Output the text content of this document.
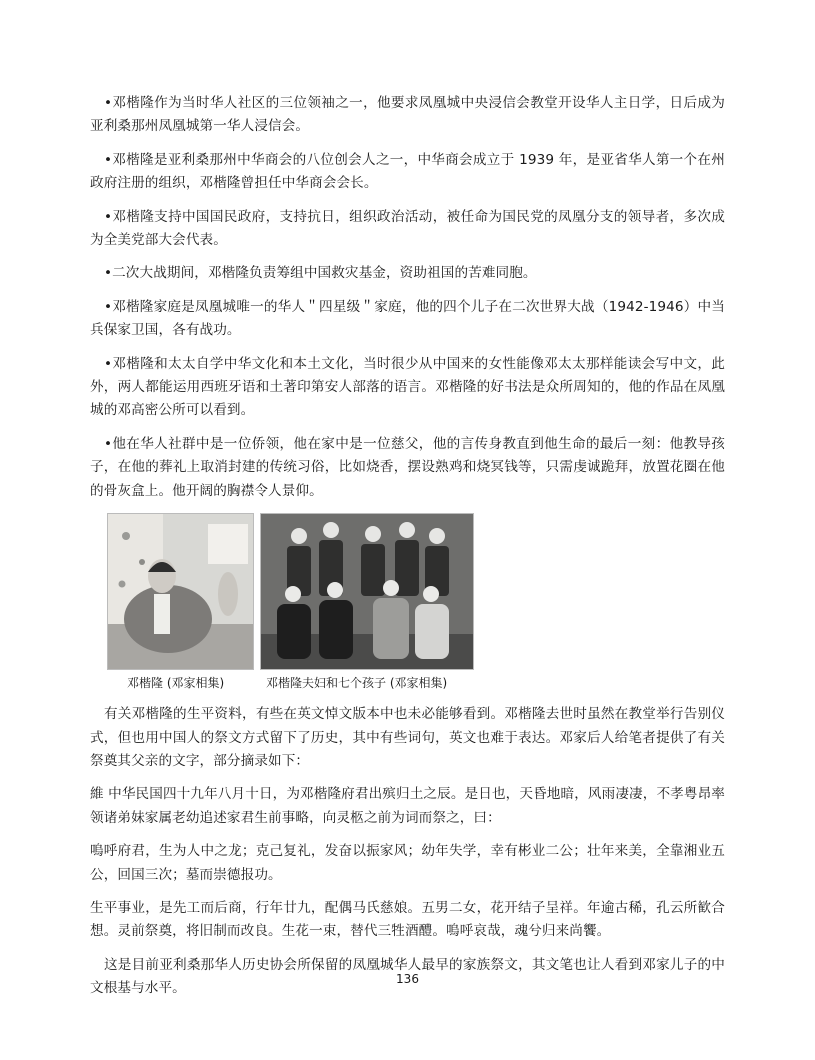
•邓楷隆作为当时华人社区的三位领袖之一，他要求凤凰城中央浸信会教堂开设华人主日学，日后成为亚利桑那州凤凰城第一华人浸信会。

•邓楷隆是亚利桑那州中华商会的八位创会人之一，中华商会成立于 1939 年，是亚省华人第一个在州政府注册的组织，邓楷隆曾担任中华商会会长。

•邓楷隆支持中国国民政府，支持抗日，组织政治活动，被任命为国民党的凤凰分支的领导者，多次成为全美党部大会代表。

•二次大战期间，邓楷隆负责筹组中国救灾基金，资助祖国的苦难同胞。

•邓楷隆家庭是凤凰城唯一的华人＂四星级＂家庭，他的四个儿子在二次世界大战（1942-1946）中当兵保家卫国，各有战功。

•邓楷隆和太太自学中华文化和本土文化，当时很少从中国来的女性能像邓太太那样能读会写中文，此外，两人都能运用西班牙语和土著印第安人部落的语言。邓楷隆的好书法是众所周知的，他的作品在凤凰城的邓高密公所可以看到。

•他在华人社群中是一位侨领，他在家中是一位慈父，他的言传身教直到他生命的最后一刻：他教导孩子，在他的葬礼上取消封建的传统习俗，比如烧香，摆设熟鸡和烧冥钱等，只需虔诚跪拜，放置花圈在他的骨灰盒上。他开阔的胸襟令人景仰。

邓楷隆 (邓家相集)	邓楷隆夫妇和七个孩子 (邓家相集)

有关邓楷隆的生平资料，有些在英文悼文版本中也未必能够看到。邓楷隆去世时虽然在教堂举行告别仪式，但也用中国人的祭文方式留下了历史，其中有些词句，英文也难于表达。邓家后人给笔者提供了有关祭奠其父亲的文字，部分摘录如下：

維 中华民国四十九年八月十日，为邓楷隆府君出殡归土之辰。是日也，天昏地暗，风雨凄凄，不孝粤昂率领诸弟妹家属老幼追述家君生前事略，向灵柩之前为词而祭之，曰：

嗚呼府君，生为人中之龙；克己复礼，发奋以振家风；幼年失学，幸有彬业二公；壮年来美，全靠湘业五公，回国三次；墓而崇德报功。

生平事业，是先工而后商，行年廿九，配偶马氏慈娘。五男二女，花开结子呈祥。年逾古稀，孔云所歓合想。灵前祭奠，将旧制而改良。生花一束，替代三牲酒醴。嗚呼哀哉，魂兮归来尚饗。

这是目前亚利桑那华人历史协会所保留的凤凰城华人最早的家族祭文，其文笔也让人看到邓家儿子的中文根基与水平。

136
